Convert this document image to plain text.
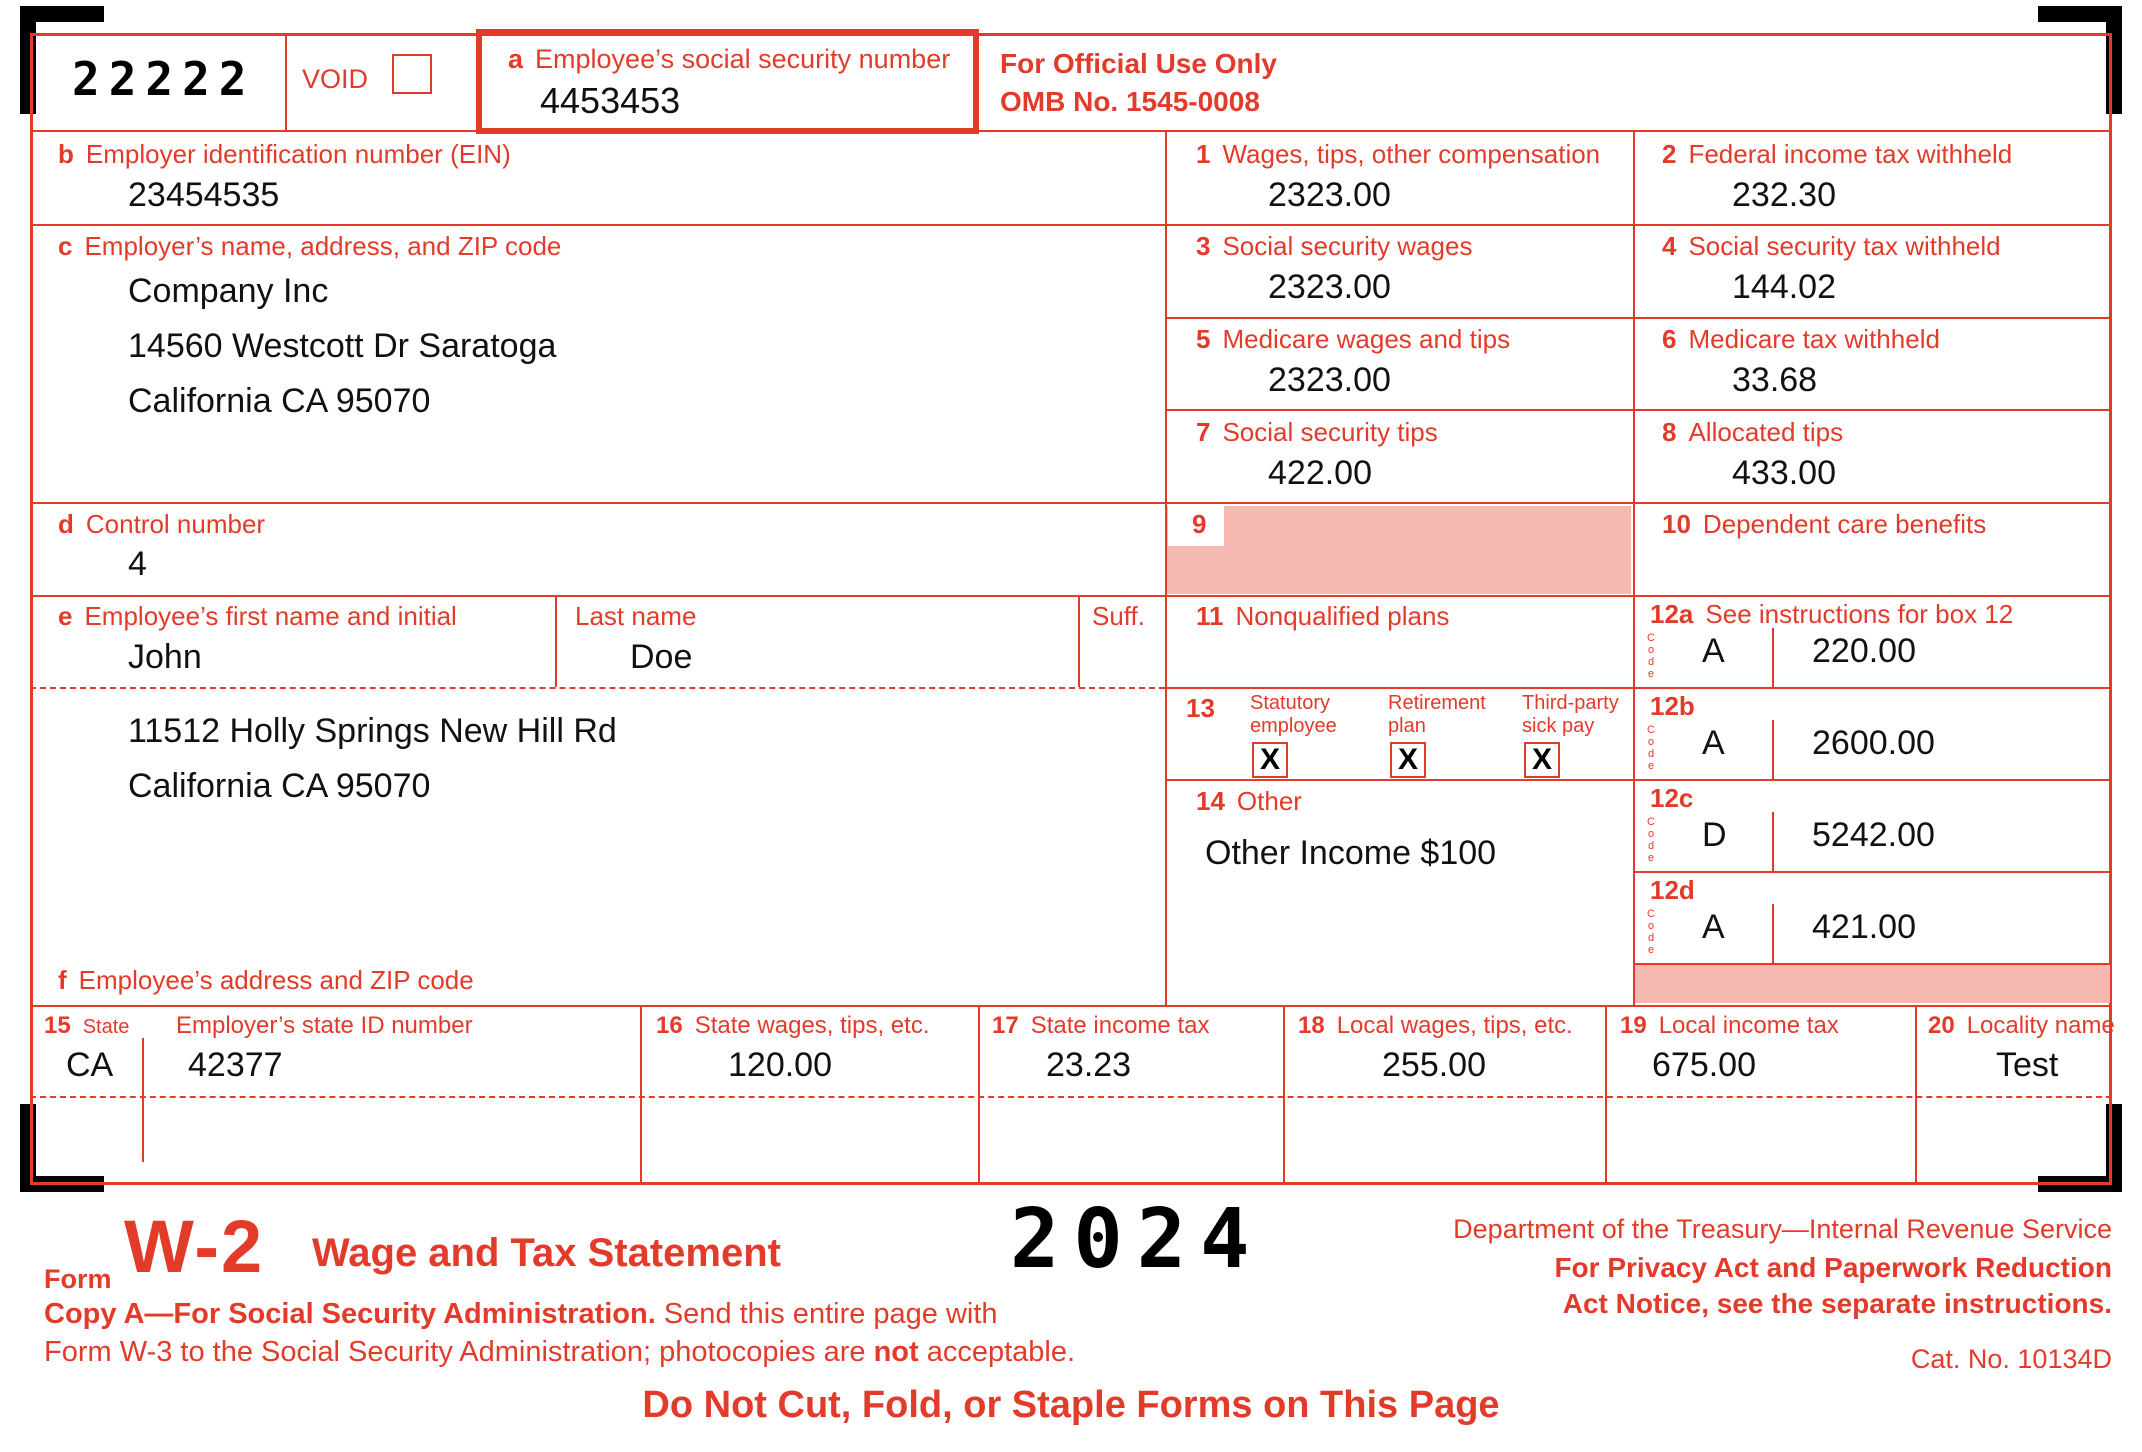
22222 VOID
a Employee’s social security number
4453453
For Official Use Only
OMB No. 1545-0008
b Employer identification number (EIN)
23454535
c Employer’s name, address, and ZIP code
Company Inc
14560 Westcott Dr Saratoga
California CA 95070
d Control number
4
e Employee’s first name and initial
John
Last name
Doe
Suff.
11512 Holly Springs New Hill Rd
California CA 95070
f Employee’s address and ZIP code
1 Wages, tips, other compensation
2323.00
2 Federal income tax withheld
232.30
3 Social security wages
2323.00
4 Social security tax withheld
144.02
5 Medicare wages and tips
2323.00
6 Medicare tax withheld
33.68
7 Social security tips
422.00
8 Allocated tips
433.00
9	10 Dependent care benefits
11 Nonqualified plans	12a See instructions for box 12
Code A	220.00
12b
Code A	2600.00
12c
Code D	5242.00
12d
Code A	421.00
13	Statutory
employee
X
Retirement
plan
X
Third-party
sick pay
X
14 Other
Other Income $100
15 State
CA
Employer’s state ID number
42377
16 State wages, tips, etc.
120.00
17 State income tax
23.23
18 Local wages, tips, etc.
255.00
19 Local income tax
675.00
20 Locality name
Test
Form W-2 Wage and Tax Statement	2024	Department of the Treasury—Internal Revenue Service
For Privacy Act and Paperwork Reduction
Act Notice, see the separate instructions.
Copy A—For Social Security Administration. Send this entire page with
Form W-3 to the Social Security Administration; photocopies are not acceptable.	Cat. No. 10134D
Do Not Cut, Fold, or Staple Forms on This Page
